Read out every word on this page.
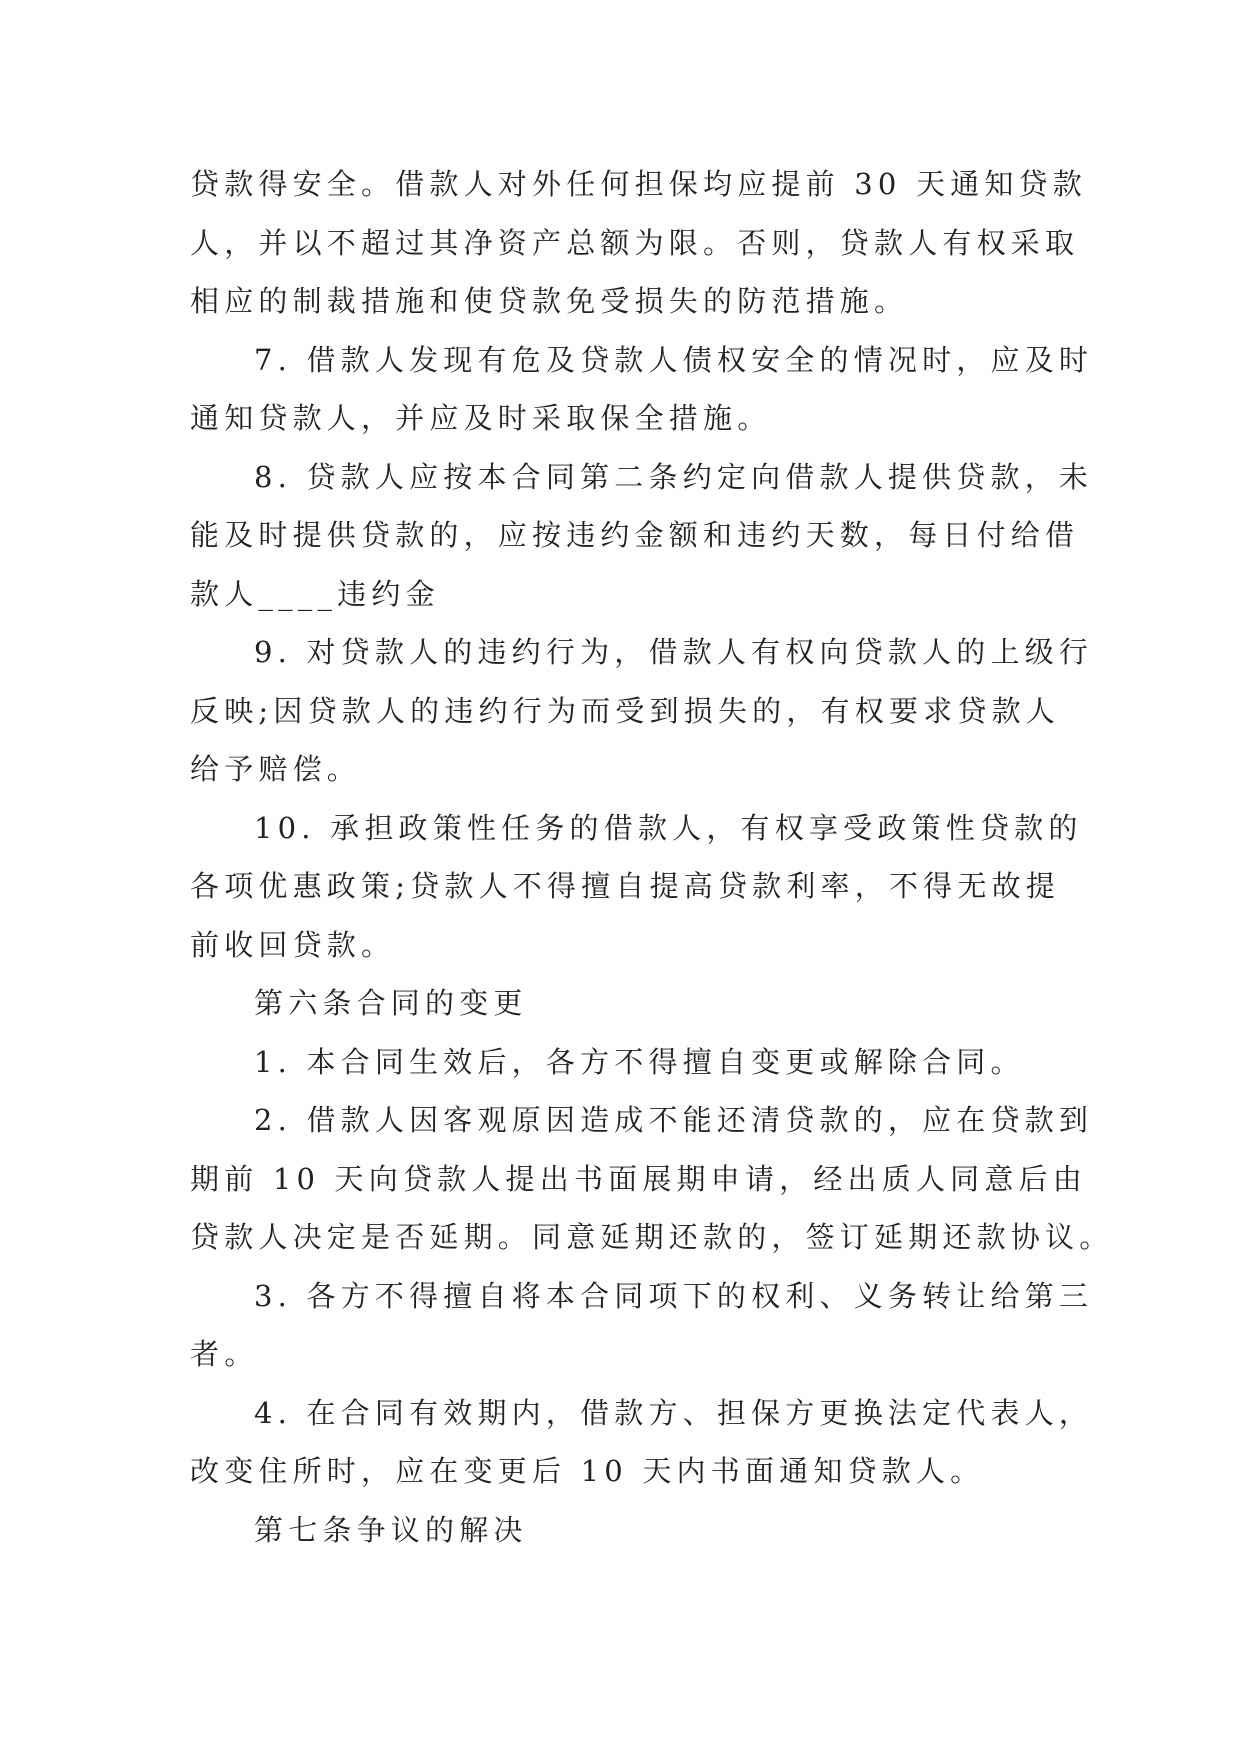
贷款得安全。借款人对外任何担保均应提前 30 天通知贷款
人，并以不超过其净资产总额为限。否则，贷款人有权采取
相应的制裁措施和使贷款免受损失的防范措施。
7. 借款人发现有危及贷款人债权安全的情况时，应及时
通知贷款人，并应及时采取保全措施。
8. 贷款人应按本合同第二条约定向借款人提供贷款，未
能及时提供贷款的，应按违约金额和违约天数，每日付给借
款人____违约金
9. 对贷款人的违约行为，借款人有权向贷款人的上级行
反映;因贷款人的违约行为而受到损失的，有权要求贷款人
给予赔偿。
10. 承担政策性任务的借款人，有权享受政策性贷款的
各项优惠政策;贷款人不得擅自提高贷款利率，不得无故提
前收回贷款。
第六条合同的变更
1. 本合同生效后，各方不得擅自变更或解除合同。
2. 借款人因客观原因造成不能还清贷款的，应在贷款到
期前 10 天向贷款人提出书面展期申请，经出质人同意后由
贷款人决定是否延期。同意延期还款的，签订延期还款协议。
3. 各方不得擅自将本合同项下的权利、义务转让给第三
者。
4. 在合同有效期内，借款方、担保方更换法定代表人，
改变住所时，应在变更后 10 天内书面通知贷款人。
第七条争议的解决
